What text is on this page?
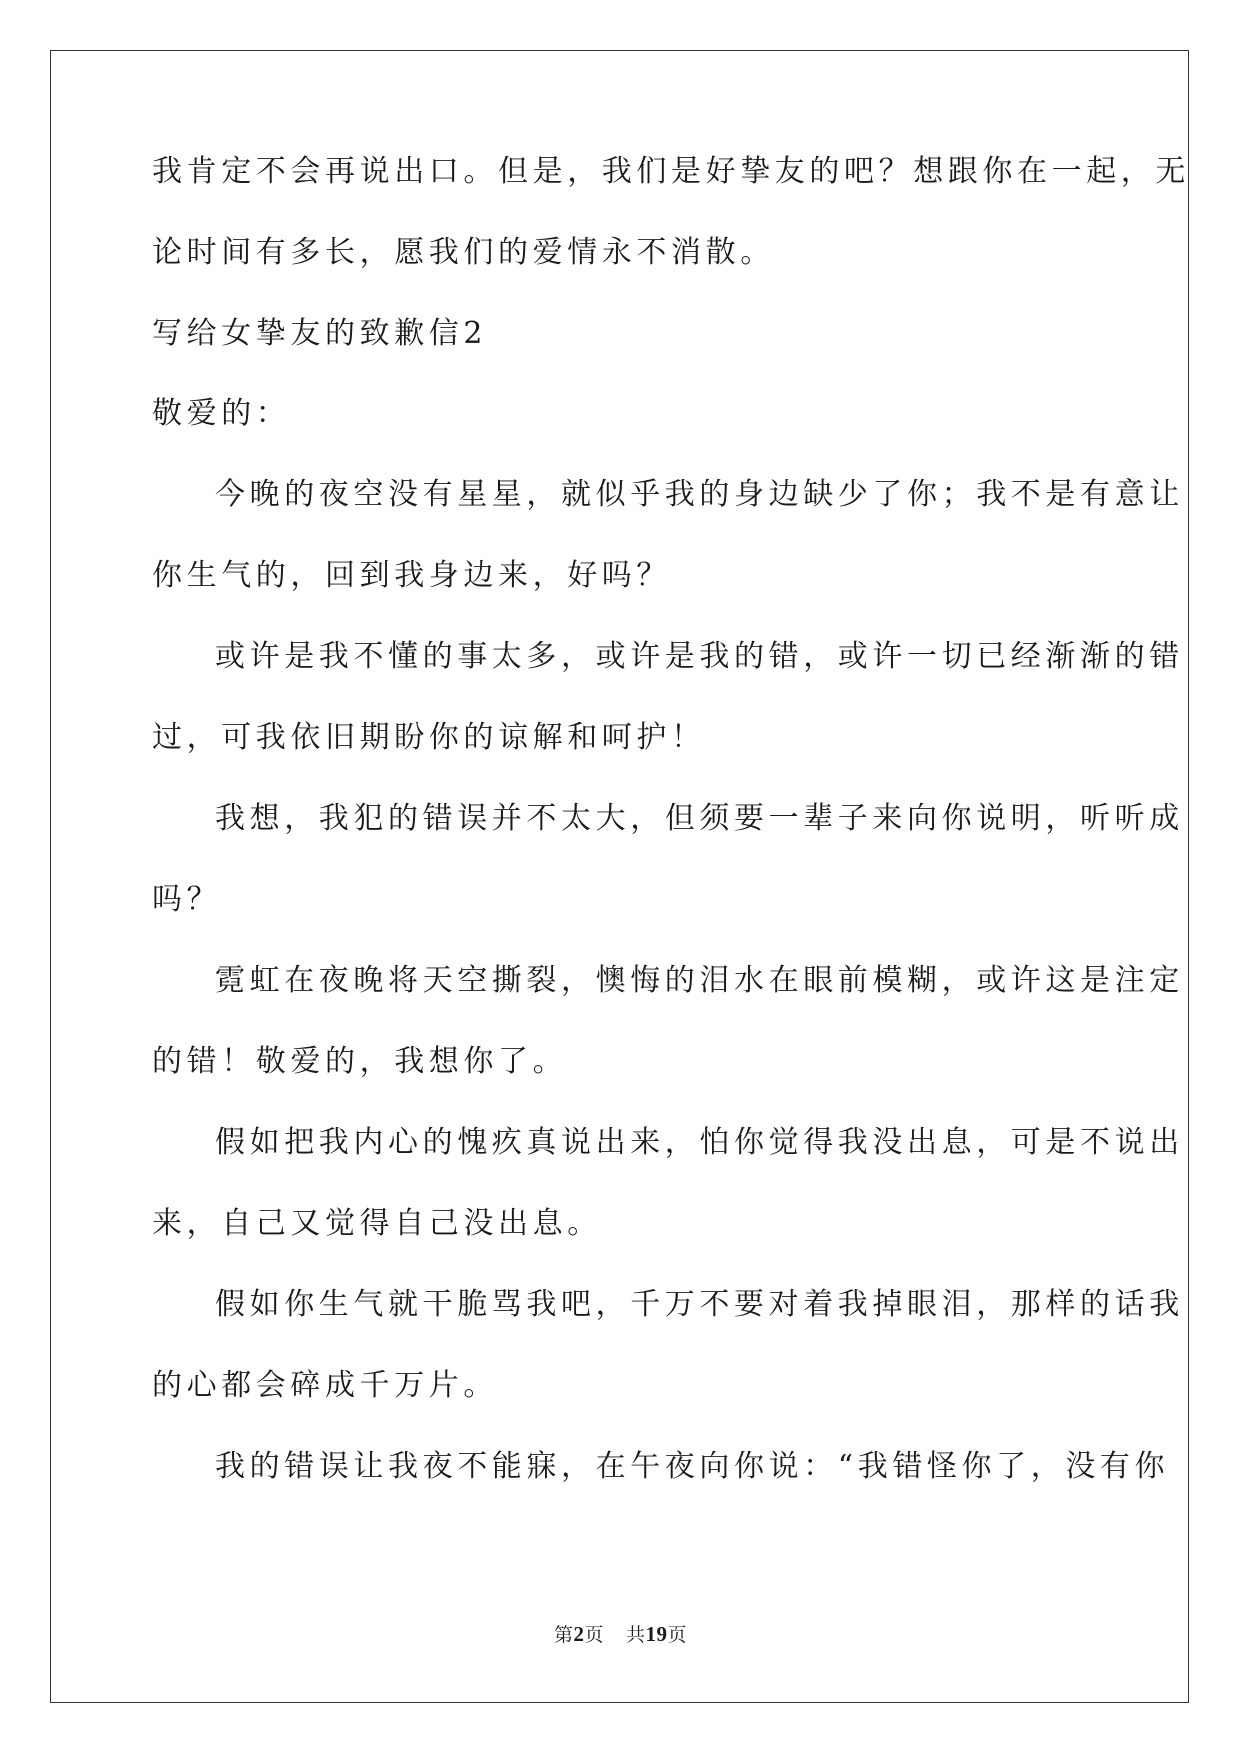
我肯定不会再说出口。但是，我们是好挚友的吧？想跟你在一起，无
论时间有多长，愿我们的爱情永不消散。
写给女挚友的致歉信2
敬爱的：
今晚的夜空没有星星，就似乎我的身边缺少了你；我不是有意让
你生气的，回到我身边来，好吗？
或许是我不懂的事太多，或许是我的错，或许一切已经渐渐的错
过，可我依旧期盼你的谅解和呵护！
我想，我犯的错误并不太大，但须要一辈子来向你说明，听听成
吗？
霓虹在夜晚将天空撕裂，懊悔的泪水在眼前模糊，或许这是注定
的错！敬爱的，我想你了。
假如把我内心的愧疚真说出来，怕你觉得我没出息，可是不说出
来，自己又觉得自己没出息。
假如你生气就干脆骂我吧，千万不要对着我掉眼泪，那样的话我
的心都会碎成千万片。
我的错误让我夜不能寐，在午夜向你说：“我错怪你了，没有你
第2页 共19页
